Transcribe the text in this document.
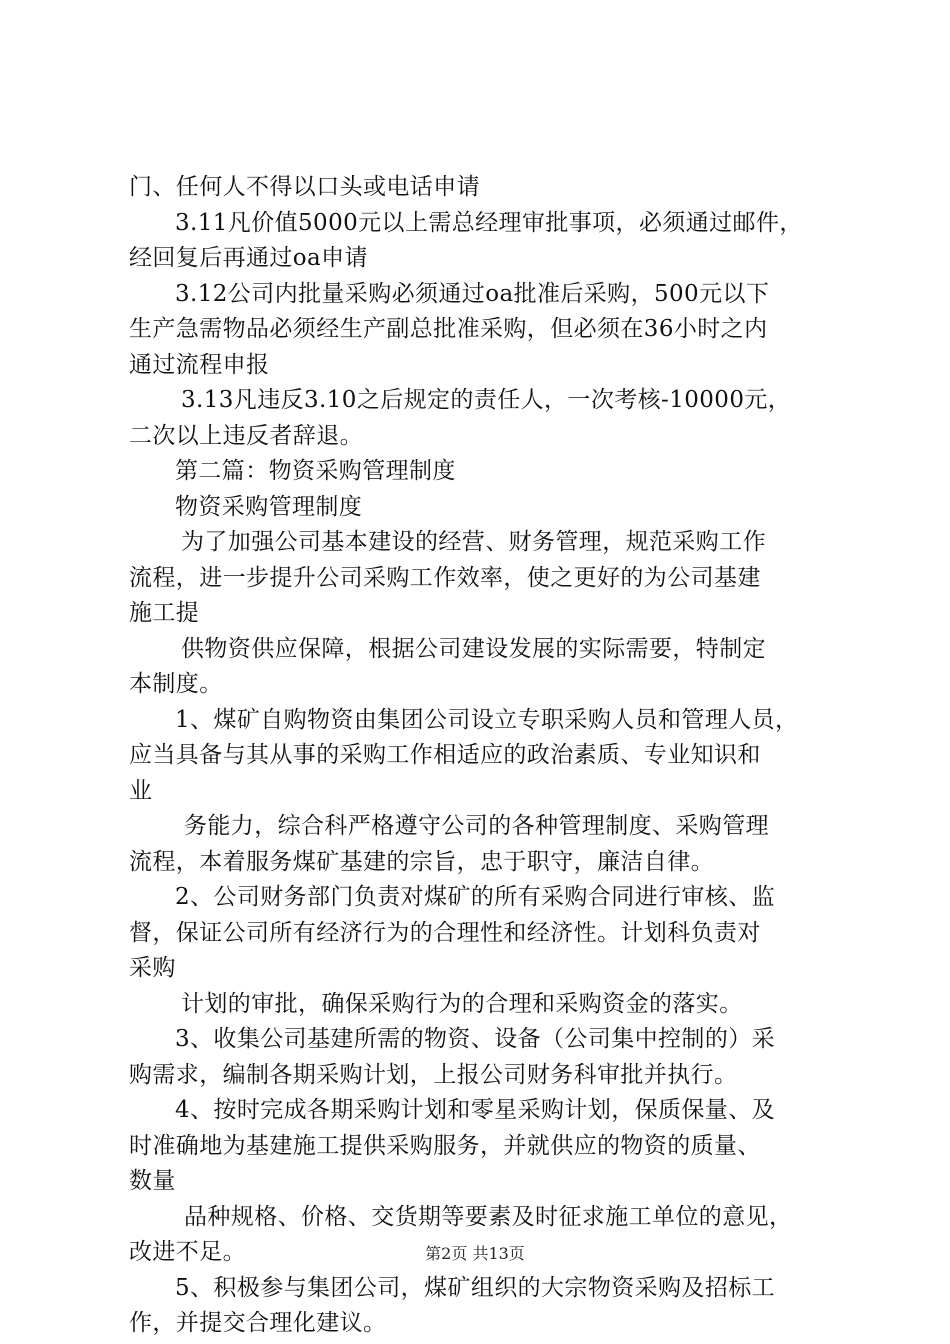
门、任何人不得以口头或电话申请
3.11凡价值5000元以上需总经理审批事项，必须通过邮件，
经回复后再通过oa申请
3.12公司内批量采购必须通过oa批准后采购，500元以下
生产急需物品必须经生产副总批准采购，但必须在36小时之内
通过流程申报
3.13凡违反3.10之后规定的责任人，一次考核-10000元，
二次以上违反者辞退。
第二篇：物资采购管理制度
物资采购管理制度
为了加强公司基本建设的经营、财务管理，规范采购工作
流程，进一步提升公司采购工作效率，使之更好的为公司基建
施工提
供物资供应保障，根据公司建设发展的实际需要，特制定
本制度。
1、煤矿自购物资由集团公司设立专职采购人员和管理人员，
应当具备与其从事的采购工作相适应的政治素质、专业知识和
业
务能力，综合科严格遵守公司的各种管理制度、采购管理
流程，本着服务煤矿基建的宗旨，忠于职守，廉洁自律。
2、公司财务部门负责对煤矿的所有采购合同进行审核、监
督，保证公司所有经济行为的合理性和经济性。计划科负责对
采购
计划的审批，确保采购行为的合理和采购资金的落实。
3、收集公司基建所需的物资、设备（公司集中控制的）采
购需求，编制各期采购计划，上报公司财务科审批并执行。
4、按时完成各期采购计划和零星采购计划，保质保量、及
时准确地为基建施工提供采购服务，并就供应的物资的质量、
数量
品种规格、价格、交货期等要素及时征求施工单位的意见，
改进不足。
5、积极参与集团公司，煤矿组织的大宗物资采购及招标工
作，并提交合理化建议。
第2页 共13页
